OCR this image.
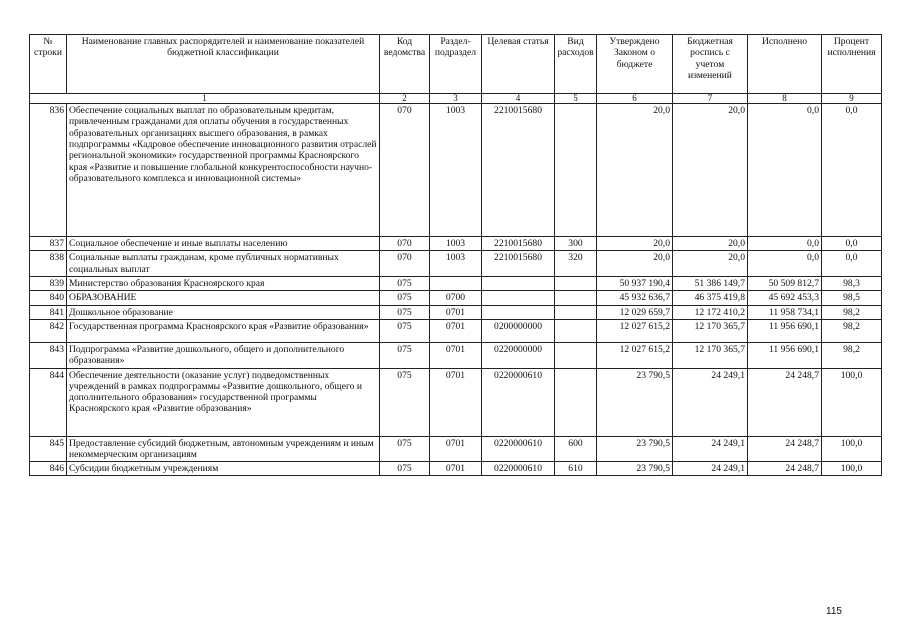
№ строки	Наименование главных распорядителей и наименование показателей бюджетной классификации	Код ведомства	Раздел-подраздел	Целевая статья	Вид расходов	Утверждено Законом о бюджете	Бюджетная роспись с учетом изменений	Исполнено	Процент исполнения
1		2	3	4	5	6	7	8	9
836	Обеспечение социальных выплат по образовательным кредитам, привлеченным гражданами для оплаты обучения в государственных образовательных организациях высшего образования, в рамках подпрограммы «Кадровое обеспечение инновационного развития отраслей региональной экономики» государственной программы Красноярского края «Развитие и повышение глобальной конкурентоспособности научно-образовательного комплекса и инновационной системы»	070	1003	2210015680		20,0	20,0	0,0	0,0
837	Социальное обеспечение и иные выплаты населению	070	1003	2210015680	300	20,0	20,0	0,0	0,0
838	Социальные выплаты гражданам, кроме публичных нормативных социальных выплат	070	1003	2210015680	320	20,0	20,0	0,0	0,0
839	Министерство образования Красноярского края	075				50 937 190,4	51 386 149,7	50 509 812,7	98,3
840	ОБРАЗОВАНИЕ	075	0700			45 932 636,7	46 375 419,8	45 692 453,3	98,5
841	Дошкольное образование	075	0701			12 029 659,7	12 172 410,2	11 958 734,1	98,2
842	Государственная программа Красноярского края «Развитие образования»	075	0701	0200000000		12 027 615,2	12 170 365,7	11 956 690,1	98,2
843	Подпрограмма «Развитие дошкольного, общего и дополнительного образования»	075	0701	0220000000		12 027 615,2	12 170 365,7	11 956 690,1	98,2
844	Обеспечение деятельности (оказание услуг) подведомственных учреждений в рамках подпрограммы «Развитие дошкольного, общего и дополнительного образования» государственной программы Красноярского края «Развитие образования»	075	0701	0220000610		23 790,5	24 249,1	24 248,7	100,0
845	Предоставление субсидий бюджетным, автономным учреждениям и иным некоммерческим организациям	075	0701	0220000610	600	23 790,5	24 249,1	24 248,7	100,0
846	Субсидии бюджетным учреждениям	075	0701	0220000610	610	23 790,5	24 249,1	24 248,7	100,0
115
